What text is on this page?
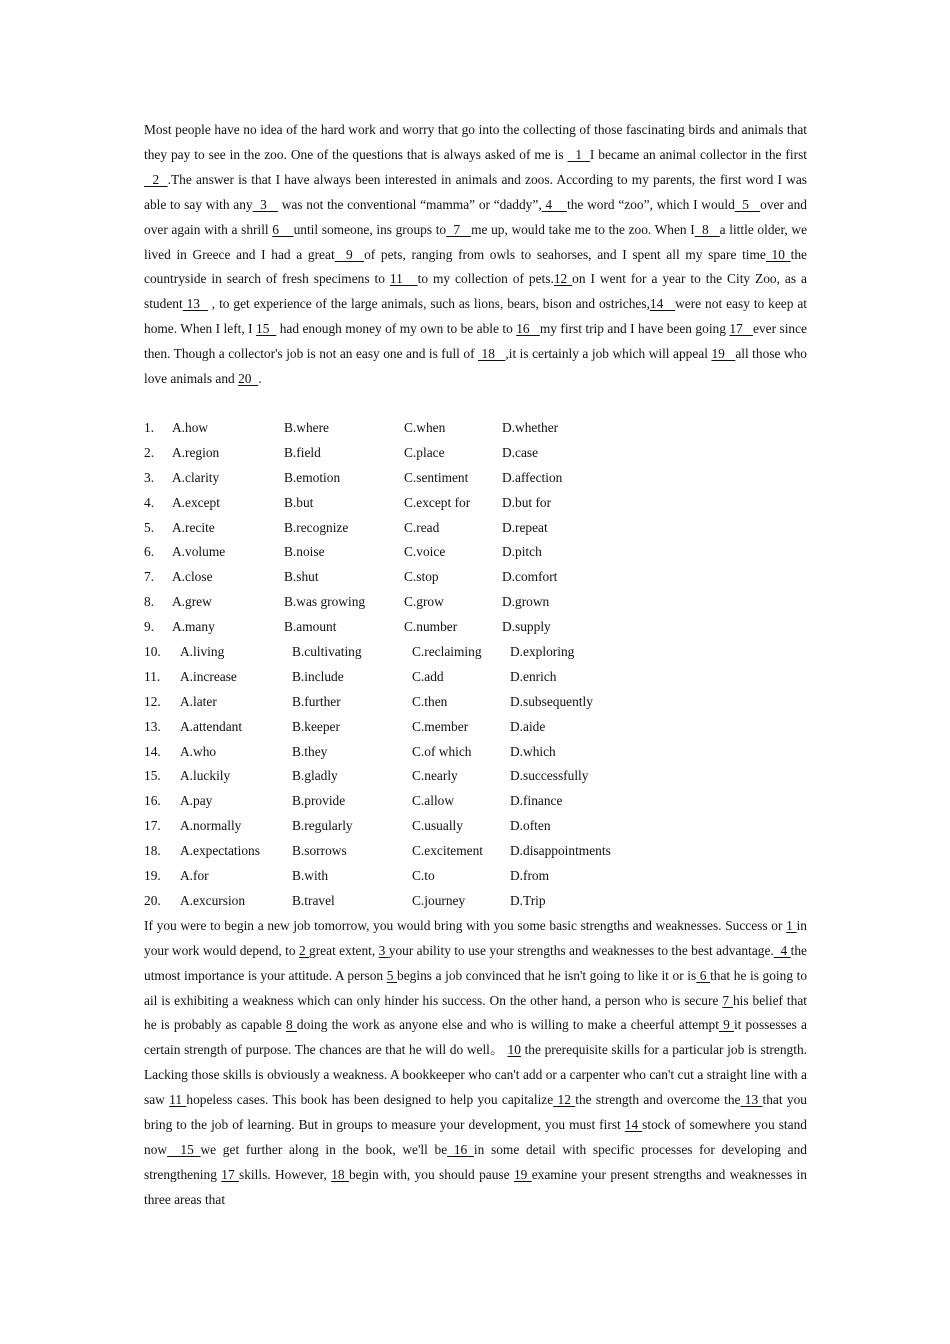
Most people have no idea of the hard work and worry that go into the collecting of those fascinating birds and animals that they pay to see in the zoo. One of the questions that is always asked of me is   1  I became an animal collector in the first  2  .The answer is that I have always been interested in animals and zoos. According to my parents, the first word I was able to say with any  3    was not the conventional “mamma” or “daddy”, 4    the word “zoo”, which I would  5   over and over again with a shrill 6    until someone, ins groups to  7   me up, would take me to the zoo. When I  8   a little older, we lived in Greece and I had a great  9  of pets, ranging from owls to seahorses, and I spent all my spare time 10 the countryside in search of fresh specimens to 11   to my collection of pets.12 on I went for a year to the City Zoo, as a student 13   , to get experience of the large animals, such as lions, bears, bison and ostriches,14   were not easy to keep at home. When I left, I 15   had enough money of my own to be able to 16   my first trip and I have been going 17   ever since then. Though a collector's job is not an easy one and is full of  18   ,it is certainly a job which will appeal 19   all those who love animals and 20  .

1.	A.how	B.where	C.when	D.whether
2.	A.region	B.field	C.place	D.case
3.	A.clarity	B.emotion	C.sentiment	D.affection
4.	A.except	B.but	C.except for	D.but for
5.	A.recite	B.recognize	C.read	D.repeat
6.	A.volume	B.noise	C.voice	D.pitch
7.	A.close	B.shut	C.stop	D.comfort
8.	A.grew	B.was growing	C.grow	D.grown
9.	A.many	B.amount	C.number	D.supply
10.	A.living	B.cultivating	C.reclaiming	D.exploring
11.	A.increase	B.include	C.add	D.enrich
12.	A.later	B.further	C.then	D.subsequently
13.	A.attendant	B.keeper	C.member	D.aide
14.	A.who	B.they	C.of which	D.which
15.	A.luckily	B.gladly	C.nearly	D.successfully
16.	A.pay	B.provide	C.allow	D.finance
17.	A.normally	B.regularly	C.usually	D.often
18.	A.expectations	B.sorrows	C.excitement	D.disappointments
19.	A.for	B.with	C.to	D.from
20.	A.excursion	B.travel	C.journey	D.Trip

If you were to begin a new job tomorrow, you would bring with you some basic strengths and weaknesses. Success or 1 in your work would depend, to 2 great extent, 3 your ability to use your strengths and weaknesses to the best advantage.  4 the utmost importance is your attitude. A person 5 begins a job convinced that he isn't going to like it or is 6 that he is going to ail is exhibiting a weakness which can only hinder his success. On the other hand, a person who is secure 7 his belief that he is probably as capable 8 doing the work as anyone else and who is willing to make a cheerful attempt 9 it possesses a certain strength of purpose. The chances are that he will do well。 10 the prerequisite skills for a particular job is strength. Lacking those skills is obviously a weakness. A bookkeeper who can't add or a carpenter who can't cut a straight line with a saw 11 hopeless cases. This book has been designed to help you capitalize 12 the strength and overcome the 13 that you bring to the job of learning. But in groups to measure your development, you must first 14 stock of somewhere you stand now  15 we get further along in the book, we'll be 16 in some detail with specific processes for developing and strengthening 17 skills. However, 18 begin with, you should pause 19 examine your present strengths and weaknesses in three areas that
